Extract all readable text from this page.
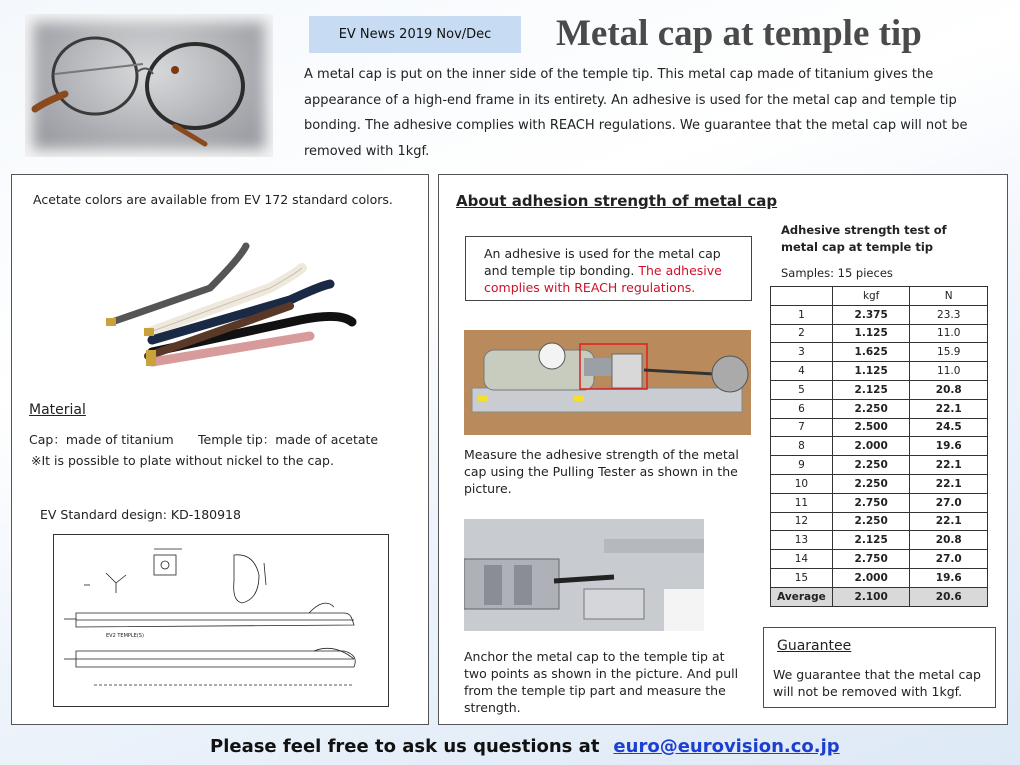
EV News 2019 Nov/Dec	Metal cap at temple tip
A metal cap is put on the inner side of the temple tip. This metal cap made of titanium gives the appearance of a high-end frame in its entirety. An adhesive is used for the metal cap and temple tip bonding. The adhesive complies with REACH regulations. We guarantee that the metal cap will not be removed with 1kgf.
Acetate colors are available from EV 172 standard colors.
Material
Cap：made of titanium Temple tip：made of acetate
※It is possible to plate without nickel to the cap.
EV Standard design: KD-180918
EV2 TEMPLE(S)
About adhesion strength of metal cap
An adhesive is used for the metal cap and temple tip bonding. The adhesive complies with REACH regulations.
Measure the adhesive strength of the metal cap using the Pulling Tester as shown in the picture.
Anchor the metal cap to the temple tip at two points as shown in the picture. And pull from the temple tip part and measure the strength.
Adhesive strength test of metal cap at temple tip
Samples: 15 pieces
	kgf	N
1	2.375	23.3
2	1.125	11.0
3	1.625	15.9
4	1.125	11.0
5	2.125	20.8
6	2.250	22.1
7	2.500	24.5
8	2.000	19.6
9	2.250	22.1
10	2.250	22.1
11	2.750	27.0
12	2.250	22.1
13	2.125	20.8
14	2.750	27.0
15	2.000	19.6
Average	2.100	20.6
Guarantee
We guarantee that the metal cap will not be removed with 1kgf.
Please feel free to ask us questions at euro@eurovision.co.jp
